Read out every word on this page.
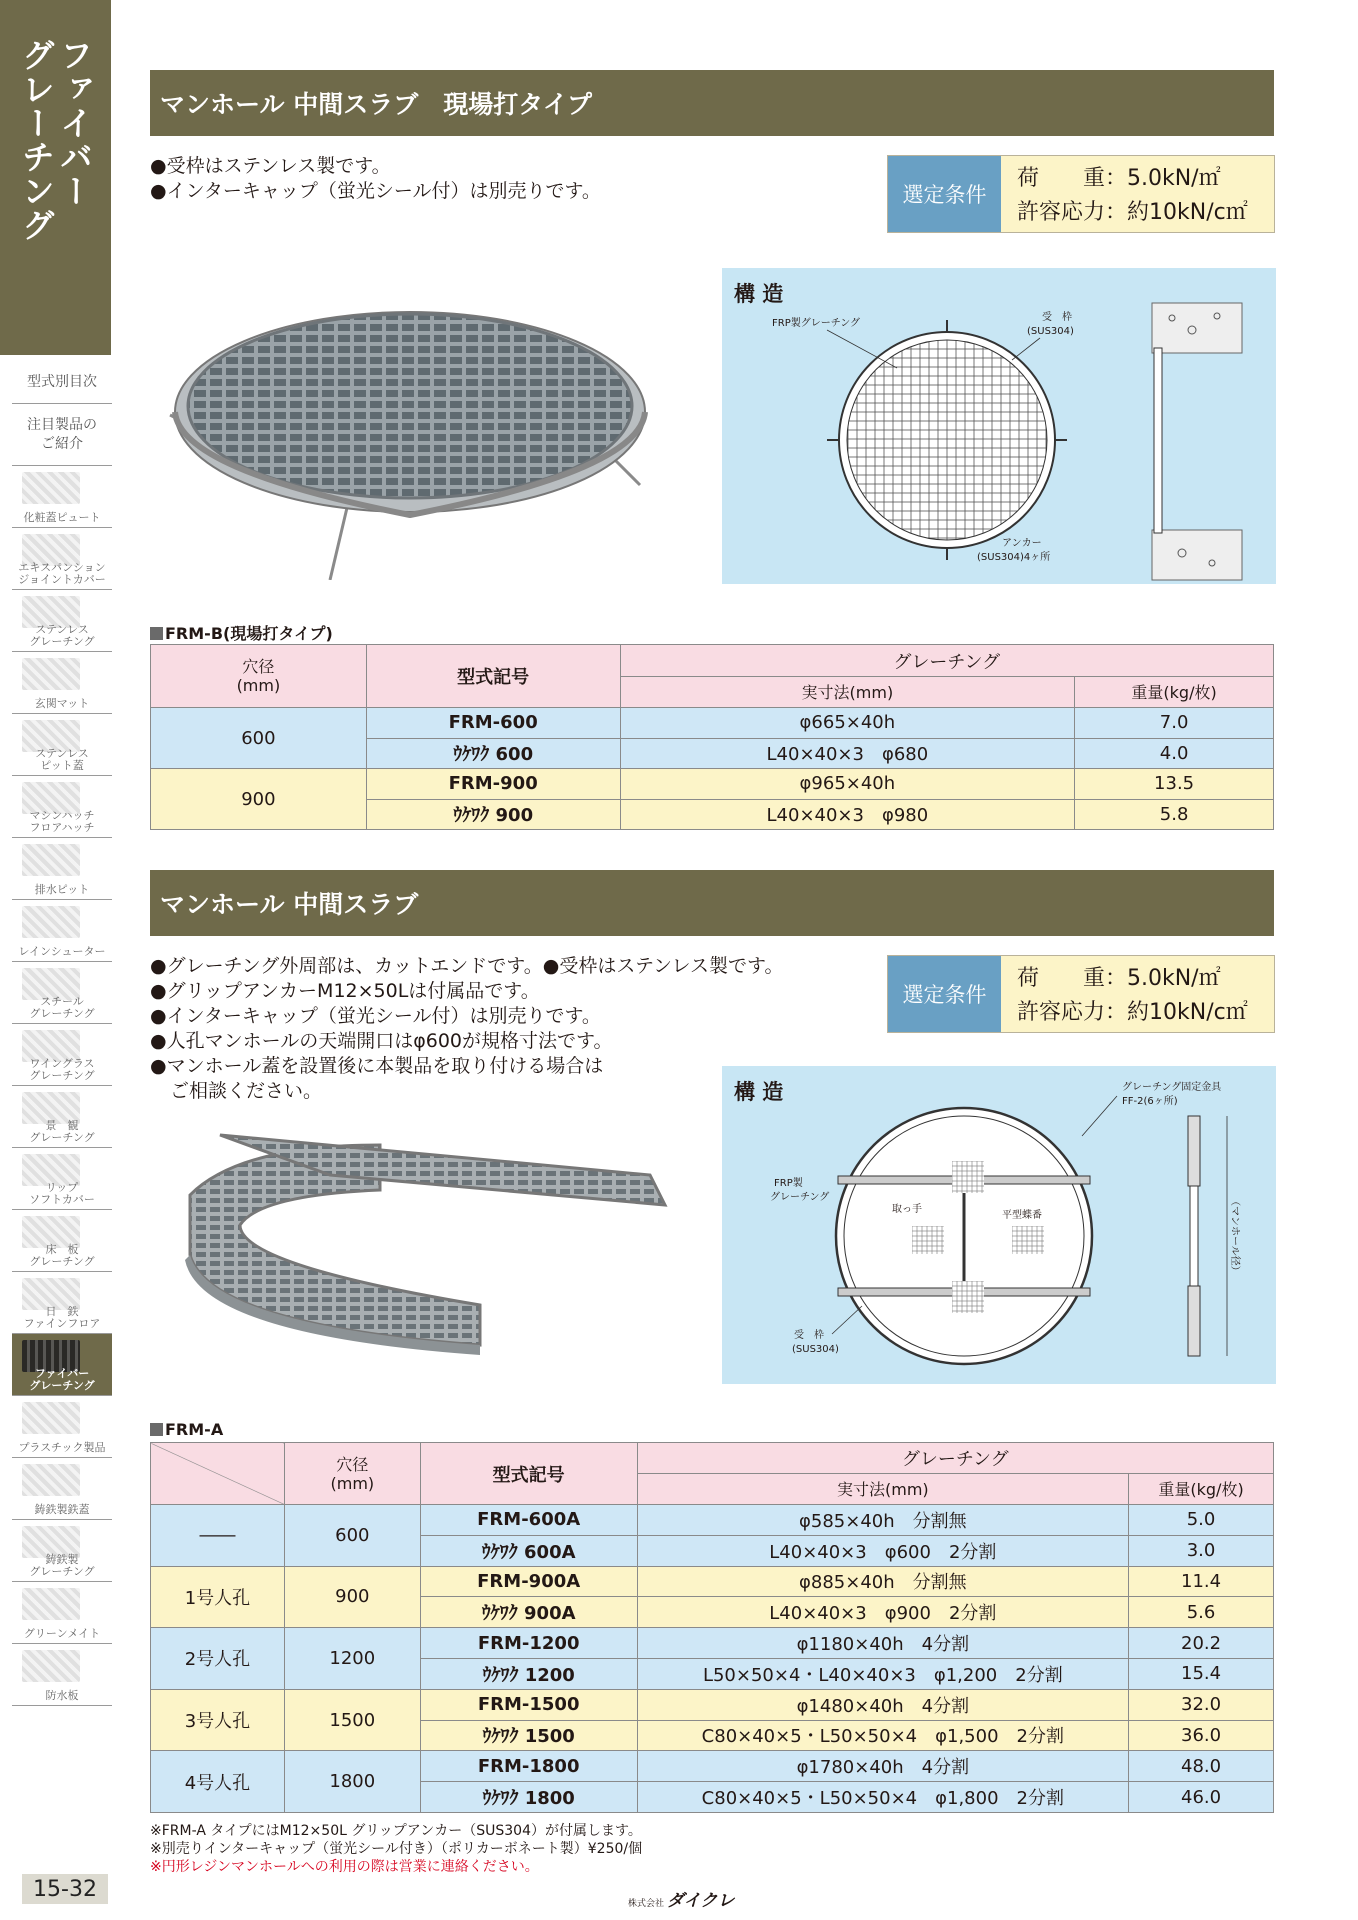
ファイバー
グレーチング
型式別目次
注目製品の
ご紹介
化粧蓋ピュート
エキスパンション
ジョイントカバー
ステンレス
グレーチング
玄関マット
ステンレス
ピット蓋
マシンハッチ
フロアハッチ
排水ピット
レインシューター
スチール
グレーチング
ワイングラス
グレーチング
景　観
グレーチング
リップ
ソフトカバー
床　板
グレーチング
日　鉄
ファインフロア
ファイバー
グレーチング
プラスチック製品
鋳鉄製鉄蓋
鋳鉄製
グレーチング
グリーンメイト
防水板
15-32
マンホール 中間スラブ　現場打タイプ
●受枠はステンレス製です。
●インターキャップ（蛍光シール付）は別売りです。	選定条件
荷　　重：5.0kN/㎡
許容応力：約10kN/c㎡
構 造
FRP製グレーチング
受　枠
(SUS304)
アンカー
(SUS304)4ヶ所
FRM-B(現場打タイプ)
穴径
(mm)	型式記号	グレーチング	
		実寸法(mm)	重量(kg/枚)
600	FRM-600	φ665×40h	7.0
	ｳｹﾜｸ 600	L40×40×3　φ680	4.0
900	FRM-900	φ965×40h	13.5
	ｳｹﾜｸ 900	L40×40×3　φ980	5.8
マンホール 中間スラブ
●グレーチング外周部は、カットエンドです。●受枠はステンレス製です。
●グリップアンカーM12×50Lは付属品です。
●インターキャップ（蛍光シール付）は別売りです。
●人孔マンホールの天端開口はφ600が規格寸法です。
●マンホール蓋を設置後に本製品を取り付ける場合は
ご相談ください。
選定条件
荷　　重：5.0kN/㎡
許容応力：約10kN/c㎡
構 造	グレーチング固定金具
FF-2(6ヶ所)
FRP製
グレーチング
取っ手
平型蝶番
受　枠
(SUS304)
（マンホール径）
FRM-A

	穴径
(mm)	型式記号	グレーチング	
			実寸法(mm)	重量(kg/枚)
――	600	FRM-600A	φ585×40h　分割無	5.0
		ｳｹﾜｸ 600A	L40×40×3　φ600　2分割	3.0
1号人孔	900	FRM-900A	φ885×40h　分割無	11.4
		ｳｹﾜｸ 900A	L40×40×3　φ900　2分割	5.6
2号人孔	1200	FRM-1200	φ1180×40h　4分割	20.2
		ｳｹﾜｸ 1200	L50×50×4・L40×40×3　φ1,200　2分割	15.4
3号人孔	1500	FRM-1500	φ1480×40h　4分割	32.0
		ｳｹﾜｸ 1500	C80×40×5・L50×50×4　φ1,500　2分割	36.0
4号人孔	1800	FRM-1800	φ1780×40h　4分割	48.0
		ｳｹﾜｸ 1800	C80×40×5・L50×50×4　φ1,800　2分割	46.0
※FRM-A タイプにはM12×50L グリップアンカー（SUS304）が付属します。
※別売りインターキャップ（蛍光シール付き）（ポリカーボネート製）¥250/個
※円形レジンマンホールへの利用の際は営業に連絡ください。
株式会社 ダイクレ
